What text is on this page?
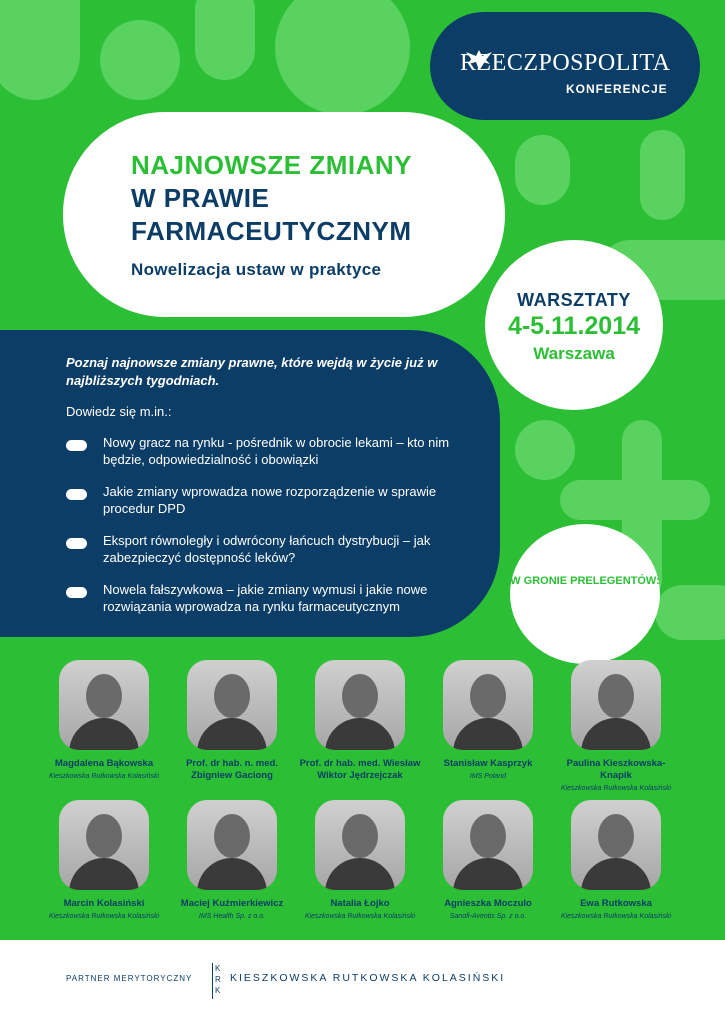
RZECZPOSPOLITA
KONFERENCJE
NAJNOWSZE ZMIANY
W PRAWIE
FARMACEUTYCZNYM
Nowelizacja ustaw w praktyce
Poznaj najnowsze zmiany prawne, które wejdą w życie już w najbliższych tygodniach.
Dowiedz się m.in.:
Nowy gracz na rynku - pośrednik w obrocie lekami – kto nim będzie, odpowiedzialność i obowiązki
Jakie zmiany wprowadza nowe rozporządzenie w sprawie procedur DPD
Eksport równoległy i odwrócony łańcuch dystrybucji – jak zabezpieczyć dostępność leków?
Nowela fałszywkowa – jakie zmiany wymusi i jakie nowe rozwiązania wprowadza na rynku farmaceutycznym
WARSZTATY
4-5.11.2014
Warszawa
W GRONIE PRELEGENTÓW:
Magdalena Bąkowska
Kieszkowska Rutkowska Kolasiński
Prof. dr hab. n. med. Zbigniew Gaciong
Prof. dr hab. med. Wiesław Wiktor Jędrzejczak
Stanisław Kasprzyk
IMS Poland
Paulina Kieszkowska-Knapik
Kieszkowska Rutkowska Kolasiński
Marcin Kolasiński
Kieszkowska Rutkowska Kolasiński
Maciej Kuźmierkiewicz
IMS Health Sp. z o.o.
Natalia Łojko
Kieszkowska Rutkowska Kolasiński
Agnieszka Moczulo
Sanofi-Aventis Sp. z o.o.
Ewa Rutkowska
Kieszkowska Rutkowska Kolasiński
PARTNER MERYTORYCZNY
K R K
KIESZKOWSKA RUTKOWSKA KOLASIŃSKI
